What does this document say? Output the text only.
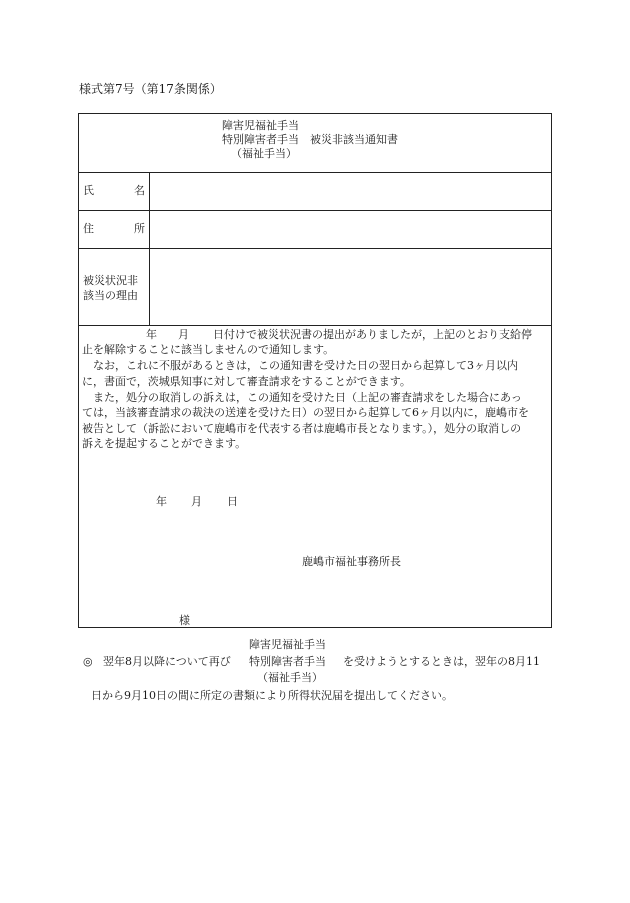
様式第7号（第17条関係）
障害児福祉手当
特別障害者手当　被災非該当通知書
（福祉手当）
氏	名
住	所
被災状況非
該当の理由
年 月 日付けで被災状況書の提出がありましたが，上記のとおり支給停
止を解除することに該当しませんので通知します。
なお，これに不服があるときは，この通知書を受けた日の翌日から起算して3ヶ月以内
に，書面で，茨城県知事に対して審査請求をすることができます。
また，処分の取消しの訴えは，この通知を受けた日（上記の審査請求をした場合にあっ
ては，当該審査請求の裁決の送達を受けた日）の翌日から起算して6ヶ月以内に，鹿嶋市を
被告として（訴訟において鹿嶋市を代表する者は鹿嶋市長となります。），処分の取消しの
訴えを提起することができます。
年 月 日
鹿嶋市福祉事務所長
様
障害児福祉手当
◎ 翌年8月以降について再び 特別障害者手当 を受けようとするときは，翌年の8月11
（福祉手当）
日から9月10日の間に所定の書類により所得状況届を提出してください。
